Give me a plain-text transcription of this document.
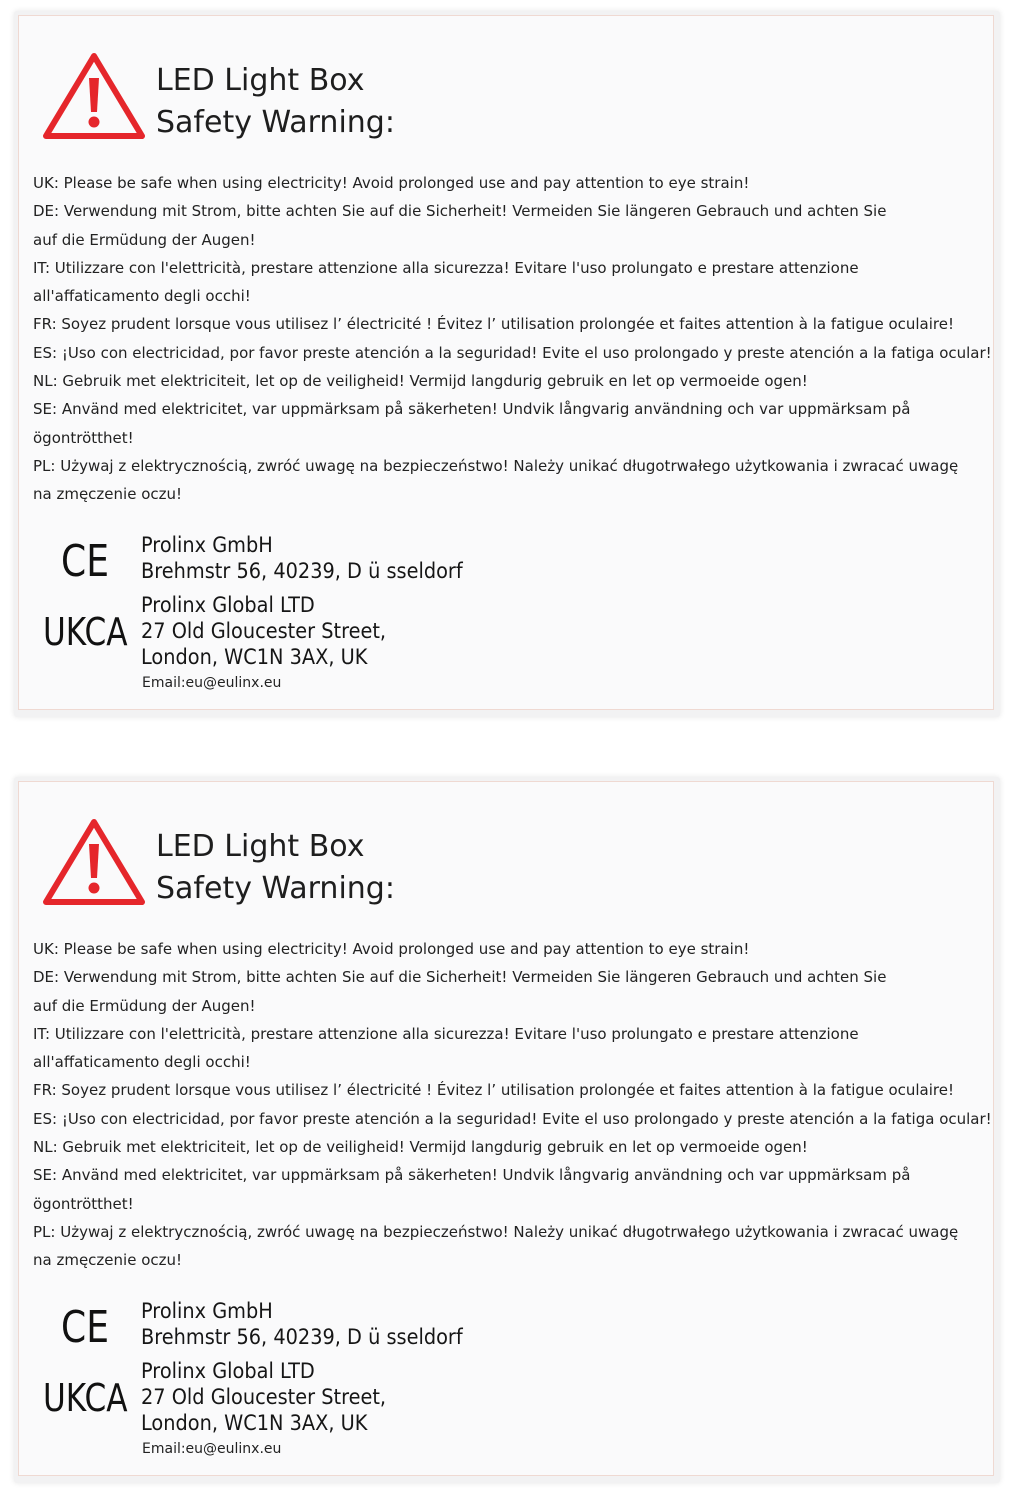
LED Light Box
Safety Warning:
UK: Please be safe when using electricity! Avoid prolonged use and pay attention to eye strain!
DE: Verwendung mit Strom, bitte achten Sie auf die Sicherheit! Vermeiden Sie längeren Gebrauch und achten Sie
auf die Ermüdung der Augen!
IT: Utilizzare con l'elettricità, prestare attenzione alla sicurezza! Evitare l'uso prolungato e prestare attenzione
all'affaticamento degli occhi!
FR: Soyez prudent lorsque vous utilisez l’ électricité ! Évitez l’ utilisation prolongée et faites attention à la fatigue oculaire!
ES: ¡Uso con electricidad, por favor preste atención a la seguridad! Evite el uso prolongado y preste atención a la fatiga ocular!
NL: Gebruik met elektriciteit, let op de veiligheid! Vermijd langdurig gebruik en let op vermoeide ogen!
SE: Använd med elektricitet, var uppmärksam på säkerheten! Undvik långvarig användning och var uppmärksam på
ögontrötthet!
PL: Używaj z elektrycznością, zwróć uwagę na bezpieczeństwo! Należy unikać długotrwałego użytkowania i zwracać uwagę
na zmęczenie oczu!
CE
UKCA
Prolinx GmbH
Brehmstr 56, 40239, D ü sseldorf
Prolinx Global LTD
27 Old Gloucester Street,
London, WC1N 3AX, UK
Email:eu@eulinx.eu
LED Light Box
Safety Warning:
UK: Please be safe when using electricity! Avoid prolonged use and pay attention to eye strain!
DE: Verwendung mit Strom, bitte achten Sie auf die Sicherheit! Vermeiden Sie längeren Gebrauch und achten Sie
auf die Ermüdung der Augen!
IT: Utilizzare con l'elettricità, prestare attenzione alla sicurezza! Evitare l'uso prolungato e prestare attenzione
all'affaticamento degli occhi!
FR: Soyez prudent lorsque vous utilisez l’ électricité ! Évitez l’ utilisation prolongée et faites attention à la fatigue oculaire!
ES: ¡Uso con electricidad, por favor preste atención a la seguridad! Evite el uso prolongado y preste atención a la fatiga ocular!
NL: Gebruik met elektriciteit, let op de veiligheid! Vermijd langdurig gebruik en let op vermoeide ogen!
SE: Använd med elektricitet, var uppmärksam på säkerheten! Undvik långvarig användning och var uppmärksam på
ögontrötthet!
PL: Używaj z elektrycznością, zwróć uwagę na bezpieczeństwo! Należy unikać długotrwałego użytkowania i zwracać uwagę
na zmęczenie oczu!
CE
UKCA
Prolinx GmbH
Brehmstr 56, 40239, D ü sseldorf
Prolinx Global LTD
27 Old Gloucester Street,
London, WC1N 3AX, UK
Email:eu@eulinx.eu
